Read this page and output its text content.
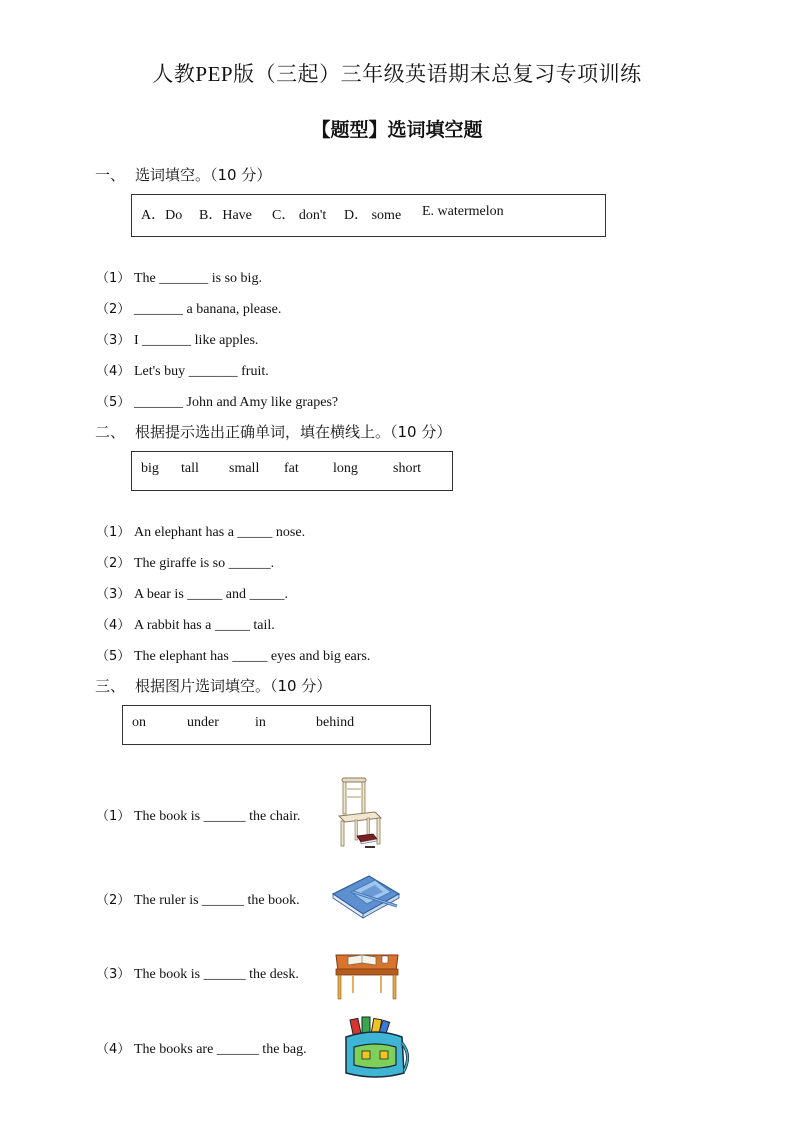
人教PEP版（三起）三年级英语期末总复习专项训练
【题型】选词填空题
一、 选词填空。（10 分）
A．Do B．Have C． don't D． some E. watermelon
（1） The _______ is so big.
（2） _______ a banana, please.
（3） I _______ like apples.
（4） Let's buy _______ fruit.
（5） _______ John and Amy like grapes?
二、 根据提示选出正确单词，填在横线上。（10 分）
big tall small fat long	short
（1） An elephant has a _____ nose.
（2） The giraffe is so ______.
（3） A bear is _____ and _____.
（4） A rabbit has a _____ tail.
（5） The elephant has _____ eyes and big ears.
三、 根据图片选词填空。（10 分）
on	under	in	behind
（1） The book is ______ the chair.
（2） The ruler is ______ the book.
（3） The book is ______ the desk.
（4） The books are ______ the bag.
